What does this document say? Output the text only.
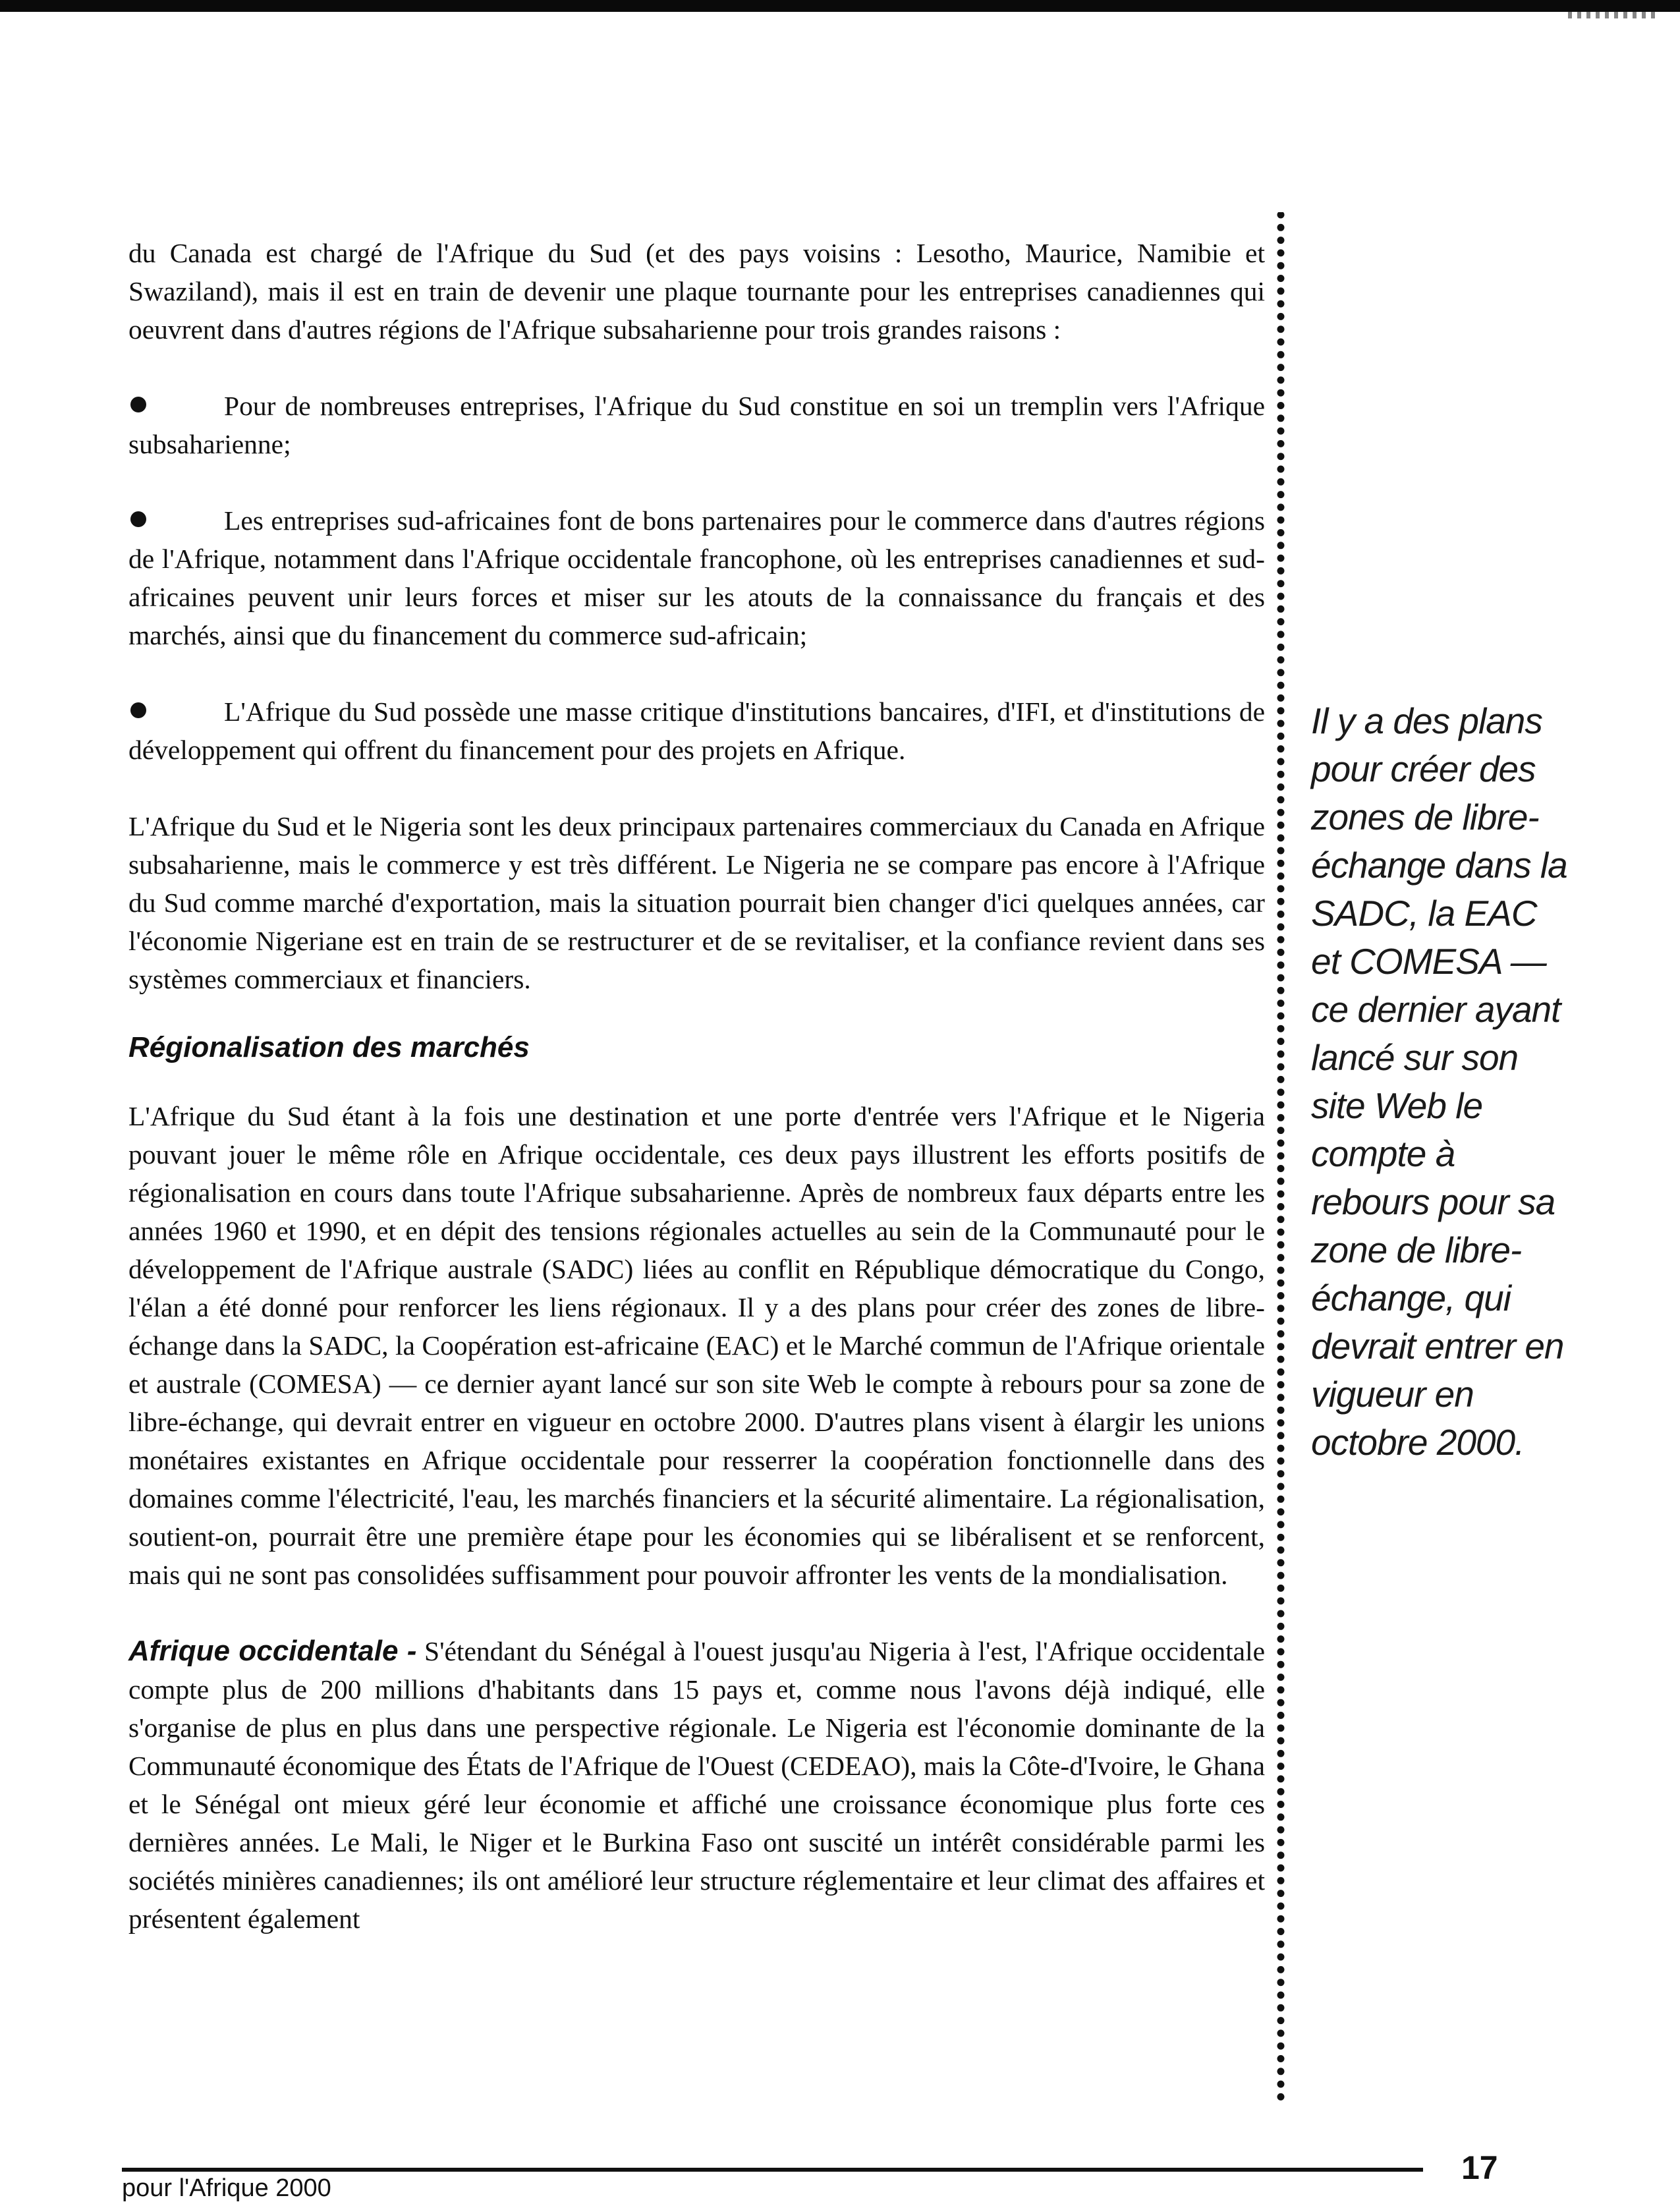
du Canada est chargé de l'Afrique du Sud (et des pays voisins : Lesotho, Maurice, Namibie et Swaziland), mais il est en train de devenir une plaque tournante pour les entreprises canadiennes qui oeuvrent dans d'autres régions de l'Afrique subsaharienne pour trois grandes raisons :

Pour de nombreuses entreprises, l'Afrique du Sud constitue en soi un tremplin vers l'Afrique subsaharienne;

Les entreprises sud-africaines font de bons partenaires pour le commerce dans d'autres régions de l'Afrique, notamment dans l'Afrique occidentale francophone, où les entreprises canadiennes et sud-africaines peuvent unir leurs forces et miser sur les atouts de la connaissance du français et des marchés, ainsi que du financement du commerce sud-africain;

L'Afrique du Sud possède une masse critique d'institutions bancaires, d'IFI, et d'institutions de développement qui offrent du financement pour des projets en Afrique.

L'Afrique du Sud et le Nigeria sont les deux principaux partenaires commerciaux du Canada en Afrique subsaharienne, mais le commerce y est très différent. Le Nigeria ne se compare pas encore à l'Afrique du Sud comme marché d'exportation, mais la situation pourrait bien changer d'ici quelques années, car l'économie Nigeriane est en train de se restructurer et de se revitaliser, et la confiance revient dans ses systèmes commerciaux et financiers.

Régionalisation des marchés

L'Afrique du Sud étant à la fois une destination et une porte d'entrée vers l'Afrique et le Nigeria pouvant jouer le même rôle en Afrique occidentale, ces deux pays illustrent les efforts positifs de régionalisation en cours dans toute l'Afrique subsaharienne. Après de nombreux faux départs entre les années 1960 et 1990, et en dépit des tensions régionales actuelles au sein de la Communauté pour le développement de l'Afrique australe (SADC) liées au conflit en République démocratique du Congo, l'élan a été donné pour renforcer les liens régionaux. Il y a des plans pour créer des zones de libre-échange dans la SADC, la Coopération est-africaine (EAC) et le Marché commun de l'Afrique orientale et australe (COMESA) — ce dernier ayant lancé sur son site Web le compte à rebours pour sa zone de libre-échange, qui devrait entrer en vigueur en octobre 2000. D'autres plans visent à élargir les unions monétaires existantes en Afrique occidentale pour resserrer la coopération fonctionnelle dans des domaines comme l'électricité, l'eau, les marchés financiers et la sécurité alimentaire. La régionalisation, soutient-on, pourrait être une première étape pour les économies qui se libéralisent et se renforcent, mais qui ne sont pas consolidées suffisamment pour pouvoir affronter les vents de la mondialisation.

Afrique occidentale - S'étendant du Sénégal à l'ouest jusqu'au Nigeria à l'est, l'Afrique occidentale compte plus de 200 millions d'habitants dans 15 pays et, comme nous l'avons déjà indiqué, elle s'organise de plus en plus dans une perspective régionale. Le Nigeria est l'économie dominante de la Communauté économique des États de l'Afrique de l'Ouest (CEDEAO), mais la Côte-d'Ivoire, le Ghana et le Sénégal ont mieux géré leur économie et affiché une croissance économique plus forte ces dernières années. Le Mali, le Niger et le Burkina Faso ont suscité un intérêt considérable parmi les sociétés minières canadiennes; ils ont amélioré leur structure réglementaire et leur climat des affaires et présentent également

Il y a des plans
pour créer des
zones de libre-
échange dans la
SADC, la EAC
et COMESA —
ce dernier ayant
lancé sur son
site Web le
compte à
rebours pour sa
zone de libre-
échange, qui
devrait entrer en
vigueur en
octobre 2000.
pour l'Afrique 2000
17
